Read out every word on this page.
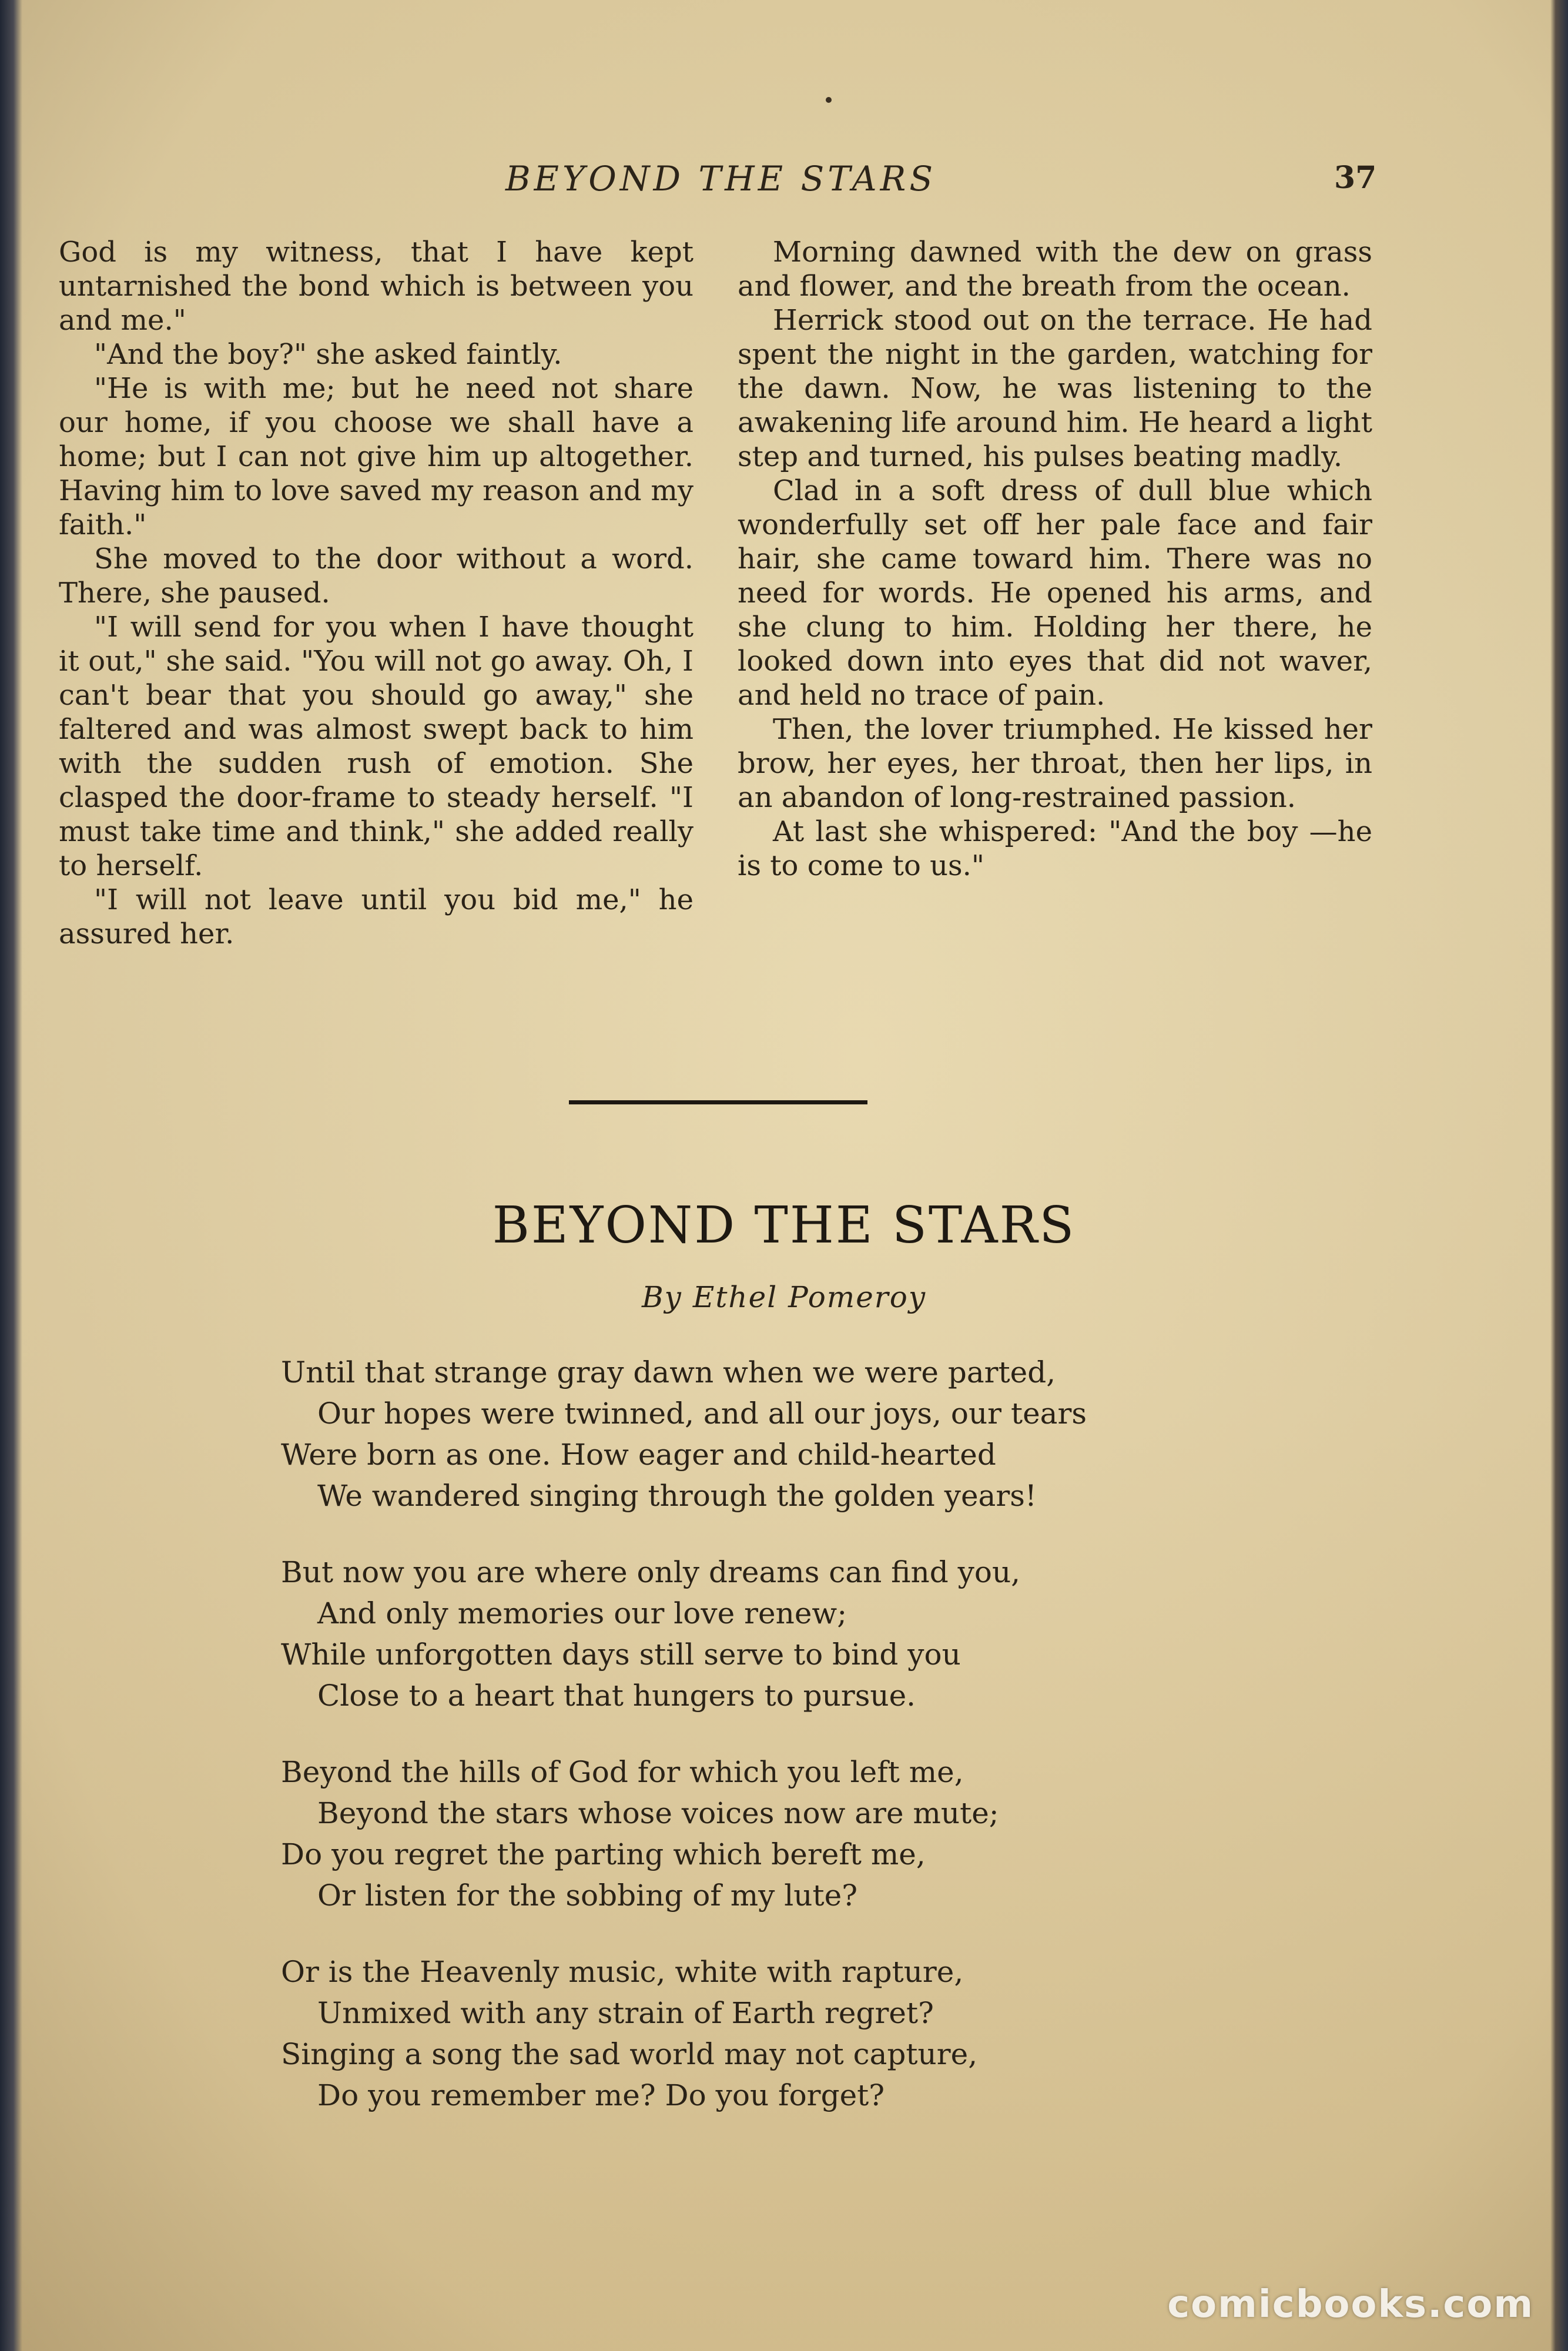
BEYOND THE STARS	37

God is my witness, that I have kept untarnished the bond which is between you and me."

"And the boy?" she asked faintly.

"He is with me; but he need not share our home, if you choose we shall have a home; but I can not give him up altogether. Having him to love saved my reason and my faith."

She moved to the door without a word. There, she paused.

"I will send for you when I have thought it out," she said. "You will not go away. Oh, I can't bear that you should go away," she faltered and was almost swept back to him with the sudden rush of emotion. She clasped the door-frame to steady herself. "I must take time and think," she added really to herself.

"I will not leave until you bid me," he assured her.

Morning dawned with the dew on grass and flower, and the breath from the ocean.

Herrick stood out on the terrace. He had spent the night in the garden, watching for the dawn. Now, he was listening to the awakening life around him. He heard a light step and turned, his pulses beating madly.

Clad in a soft dress of dull blue which wonderfully set off her pale face and fair hair, she came toward him. There was no need for words. He opened his arms, and she clung to him. Holding her there, he looked down into eyes that did not waver, and held no trace of pain.

Then, the lover triumphed. He kissed her brow, her eyes, her throat, then her lips, in an abandon of long-restrained passion.

At last she whispered: "And the boy —he is to come to us."

BEYOND THE STARS
By Ethel Pomeroy
Until that strange gray dawn when we were parted,
Our hopes were twinned, and all our joys, our tears
Were born as one. How eager and child-hearted
We wandered singing through the golden years!
But now you are where only dreams can find you,
And only memories our love renew;
While unforgotten days still serve to bind you
Close to a heart that hungers to pursue.
Beyond the hills of God for which you left me,
Beyond the stars whose voices now are mute;
Do you regret the parting which bereft me,
Or listen for the sobbing of my lute?
Or is the Heavenly music, white with rapture,
Unmixed with any strain of Earth regret?
Singing a song the sad world may not capture,
Do you remember me? Do you forget?
comicbooks.com
